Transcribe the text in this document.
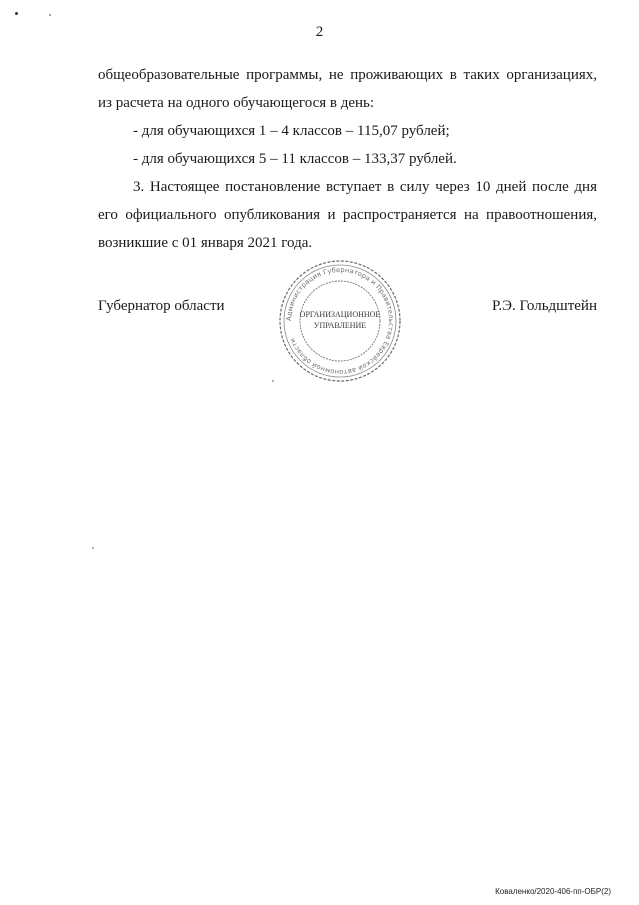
2

общеобразовательные программы, не проживающих в таких организациях,

из расчета на одного обучающегося в день:

- для обучающихся 1 – 4 классов – 115,07 рублей;

- для обучающихся 5 – 11 классов – 133,37 рублей.

3. Настоящее постановление вступает в силу через 10 дней после дня

его официального опубликования и распространяется на правоотношения,

возникшие с 01 января 2021 года.

Губернатор области	Р.Э. Гольдштейн
Администрация Губернатора и Правительства Еврейской автономной области
ОРГАНИЗАЦИОННОЕ
УПРАВЛЕНИЕ
Коваленко/2020-406-пп-ОБР(2)
